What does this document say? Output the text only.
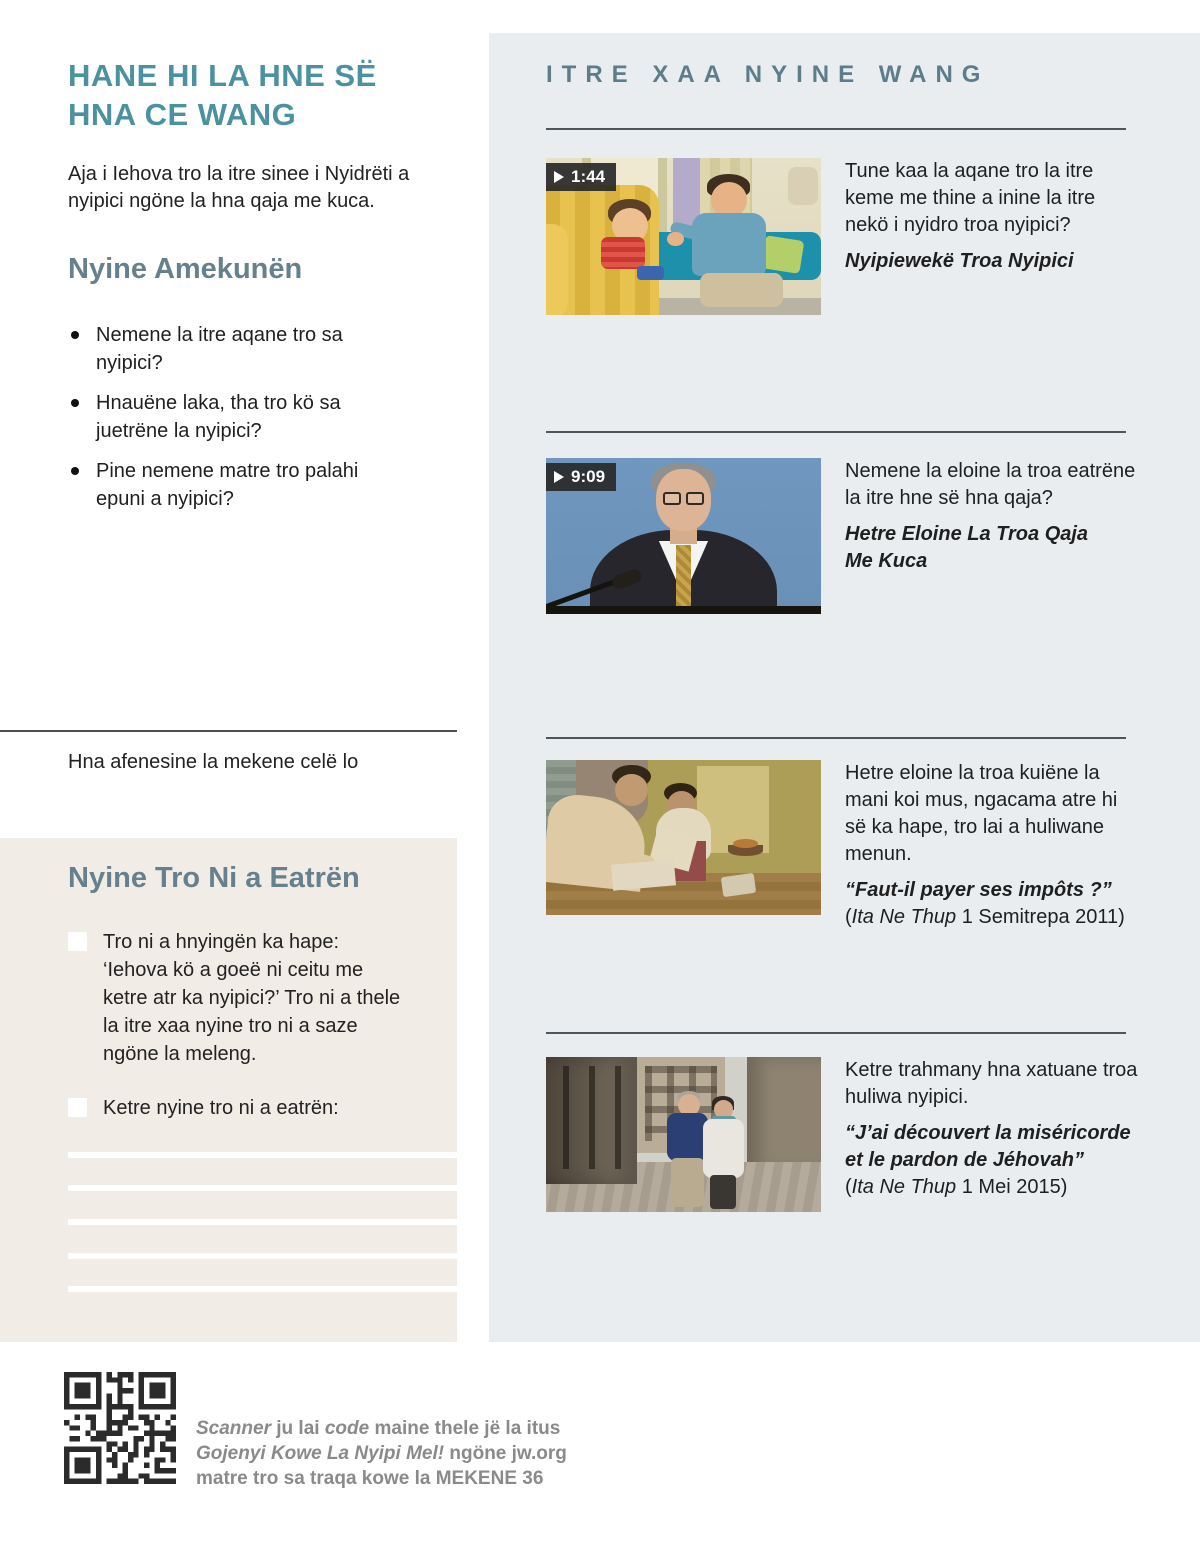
HANE HI LA HNE SË
HNA CE WANG

Aja i Iehova tro la itre sinee i Nyidrëti a nyipici ngöne la hna qaja me kuca.

Nyine Amekunën
Nemene la itre aqane tro sa nyipici?
Hnauëne laka, tha tro kö sa juetrëne la nyipici?
Pine nemene matre tro palahi epuni a nyipici?

Hna afenesine la mekene celë lo

Nyine Tro Ni a Eatrën
Tro ni a hnyingën ka hape: ‘Iehova kö a goeë ni ceitu me ketre atr ka nyipici?’ Tro ni a thele la itre xaa nyine tro ni a saze ngöne la meleng.
Ketre nyine tro ni a eatrën:
ITRE XAA NYINE WANG
1:44	Tune kaa la aqane tro la itre keme me thine a inine la itre nekö i nyidro troa nyipici?

Nyipiewekë Troa Nyipici
9:09	Nemene la eloine la troa eatrëne la itre hne së hna qaja?

Hetre Eloine La Troa Qaja
Me Kuca

Hetre eloine la troa kuiëne la mani koi mus, ngacama atre hi së ka hape, tro lai a huliwane menun.

“Faut-il payer ses impôts ?”

(Ita Ne Thup 1 Semitrepa 2011)

Ketre trahmany hna xatuane troa huliwa nyipici.

“J’ai découvert la miséricorde
et le pardon de Jéhovah”

(Ita Ne Thup 1 Mei 2015)

Scanner ju lai code maine thele jë la itus
Gojenyi Kowe La Nyipi Mel! ngöne jw.org
matre tro sa traqa kowe la MEKENE 36
